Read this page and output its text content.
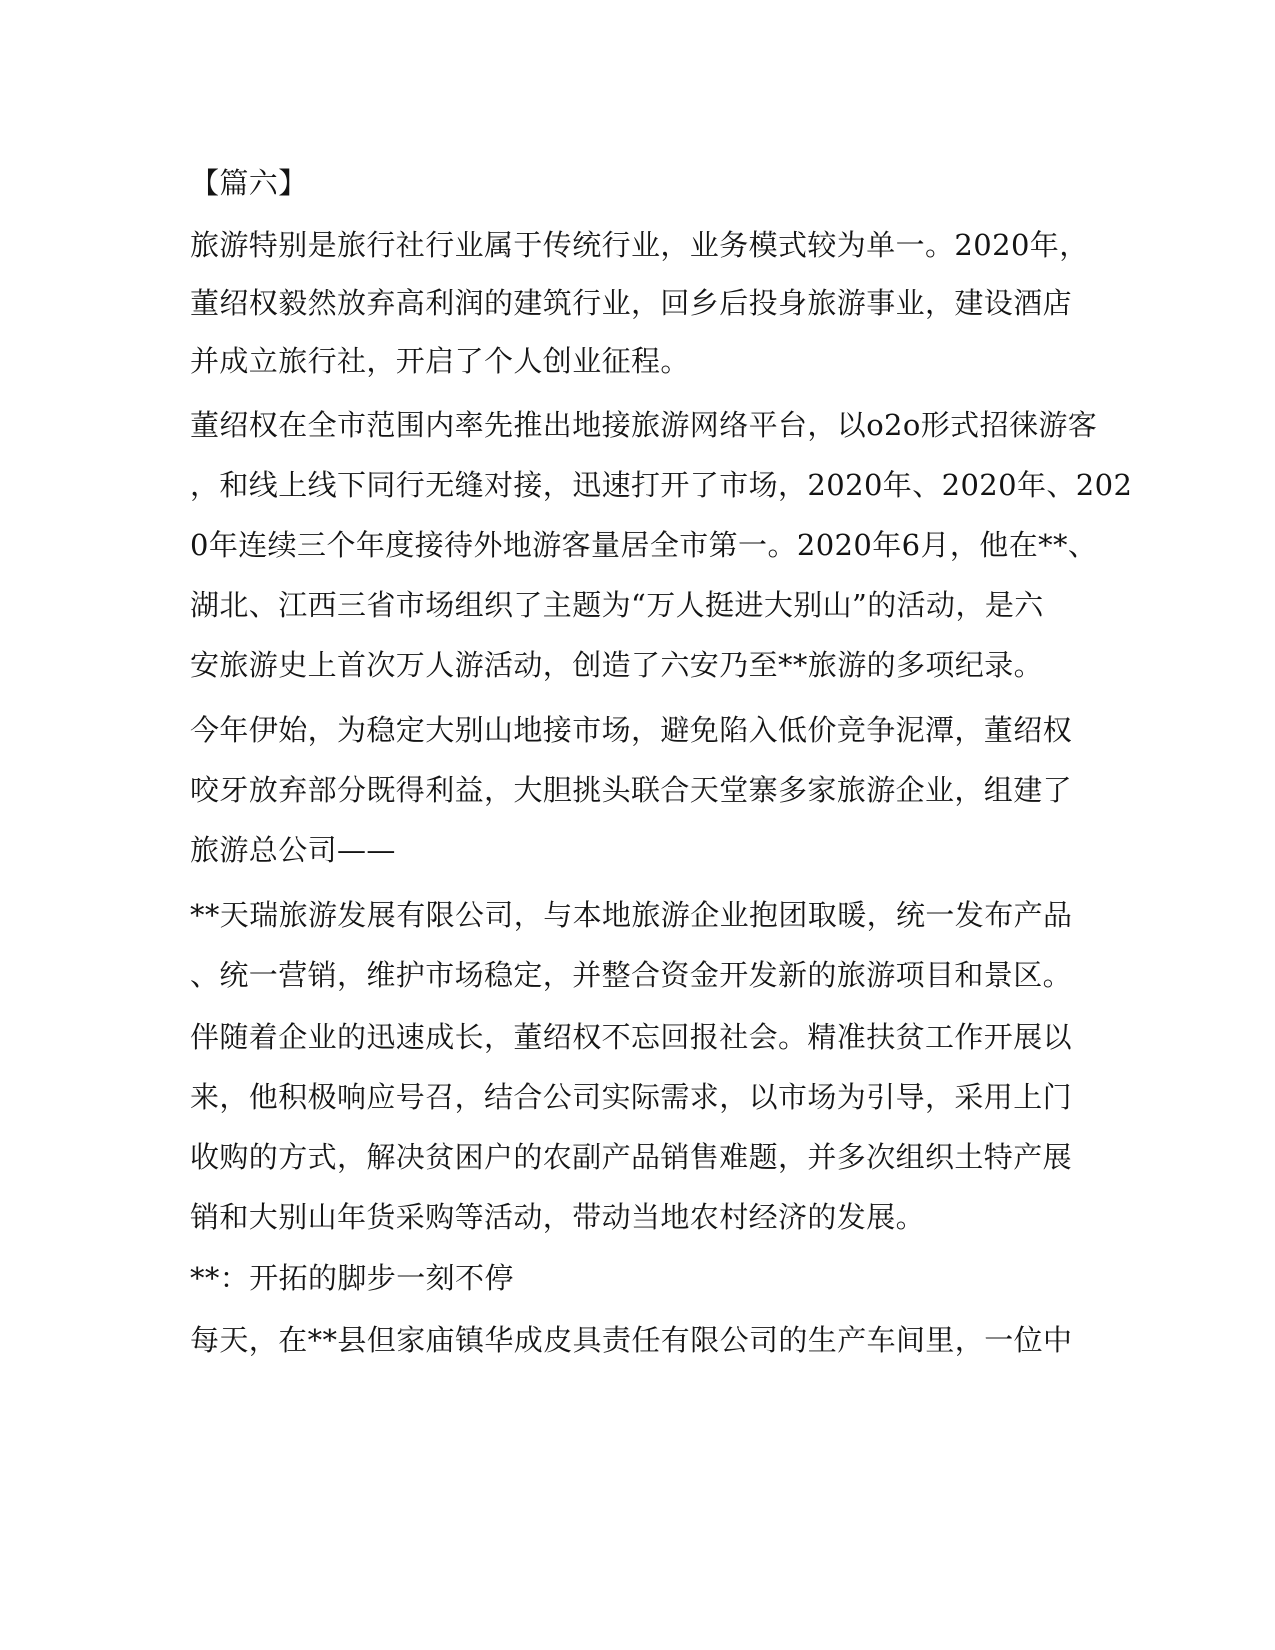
【篇六】

旅游特别是旅行社行业属于传统行业，业务模式较为单一。2020年，

董绍权毅然放弃高利润的建筑行业，回乡后投身旅游事业，建设酒店

并成立旅行社，开启了个人创业征程。

董绍权在全市范围内率先推出地接旅游网络平台，以o2o形式招徕游客

，和线上线下同行无缝对接，迅速打开了市场，2020年、2020年、202

0年连续三个年度接待外地游客量居全市第一。2020年6月，他在**、

湖北、江西三省市场组织了主题为“万人挺进大别山”的活动，是六

安旅游史上首次万人游活动，创造了六安乃至**旅游的多项纪录。

今年伊始，为稳定大别山地接市场，避免陷入低价竞争泥潭，董绍权

咬牙放弃部分既得利益，大胆挑头联合天堂寨多家旅游企业，组建了

旅游总公司——

**天瑞旅游发展有限公司，与本地旅游企业抱团取暖，统一发布产品

、统一营销，维护市场稳定，并整合资金开发新的旅游项目和景区。

伴随着企业的迅速成长，董绍权不忘回报社会。精准扶贫工作开展以

来，他积极响应号召，结合公司实际需求，以市场为引导，采用上门

收购的方式，解决贫困户的农副产品销售难题，并多次组织土特产展

销和大别山年货采购等活动，带动当地农村经济的发展。

**：开拓的脚步一刻不停

每天，在**县但家庙镇华成皮具责任有限公司的生产车间里，一位中
